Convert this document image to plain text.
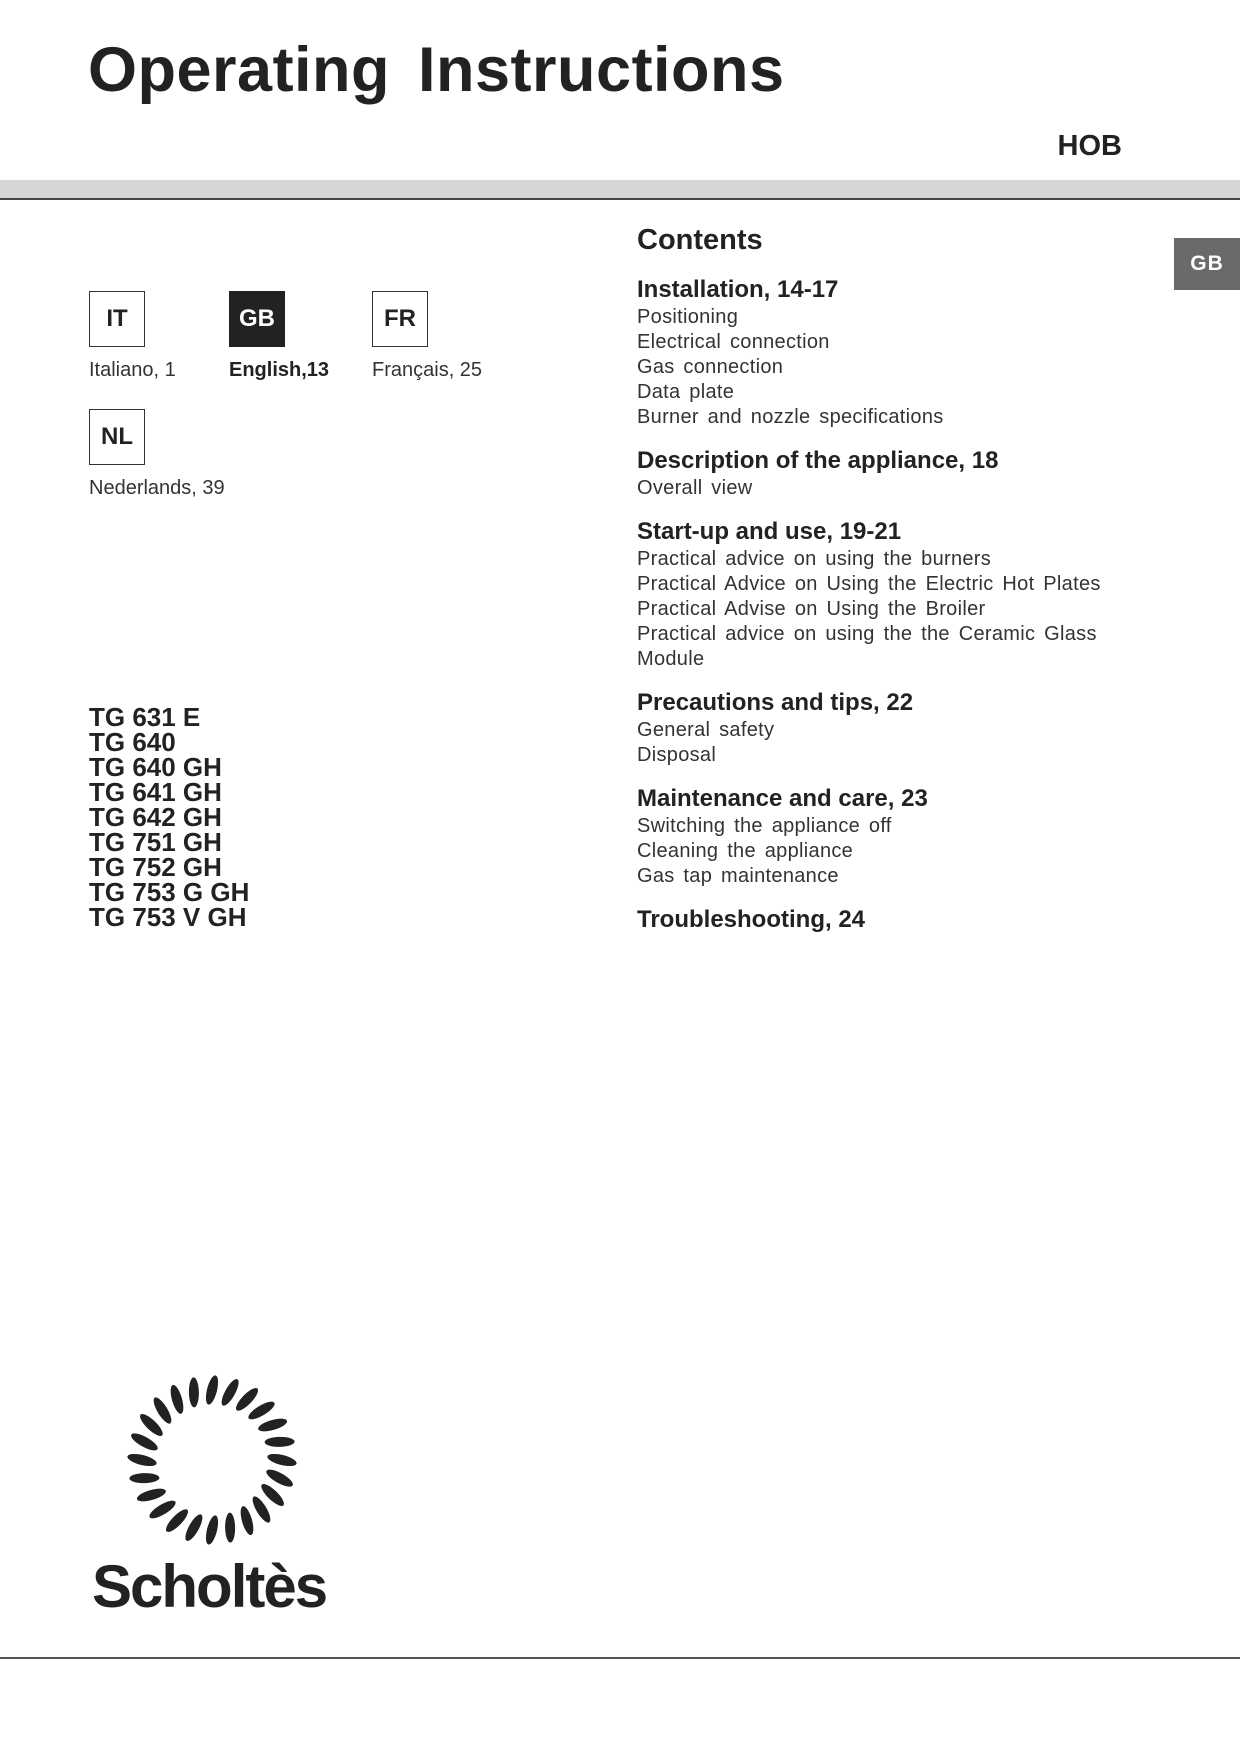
Operating Instructions
HOB
GB
IT
Italiano, 1
GB
English,13
FR
Français, 25
NL
Nederlands, 39
TG 631 E
TG 640
TG 640 GH
TG 641 GH
TG 642 GH
TG 751 GH
TG 752 GH
TG 753 G GH
TG 753 V GH
Contents
Installation, 14-17
Positioning
Electrical connection
Gas connection
Data plate
Burner and nozzle specifications
Description of the appliance, 18
Overall view
Start-up and use, 19-21
Practical advice on using the burners
Practical Advice on Using the Electric Hot Plates
Practical Advise on Using the Broiler
Practical advice on using the the Ceramic Glass Module
Precautions and tips, 22
General safety
Disposal
Maintenance and care, 23
Switching the appliance off
Cleaning the appliance
Gas tap maintenance
Troubleshooting, 24
Scholtès
